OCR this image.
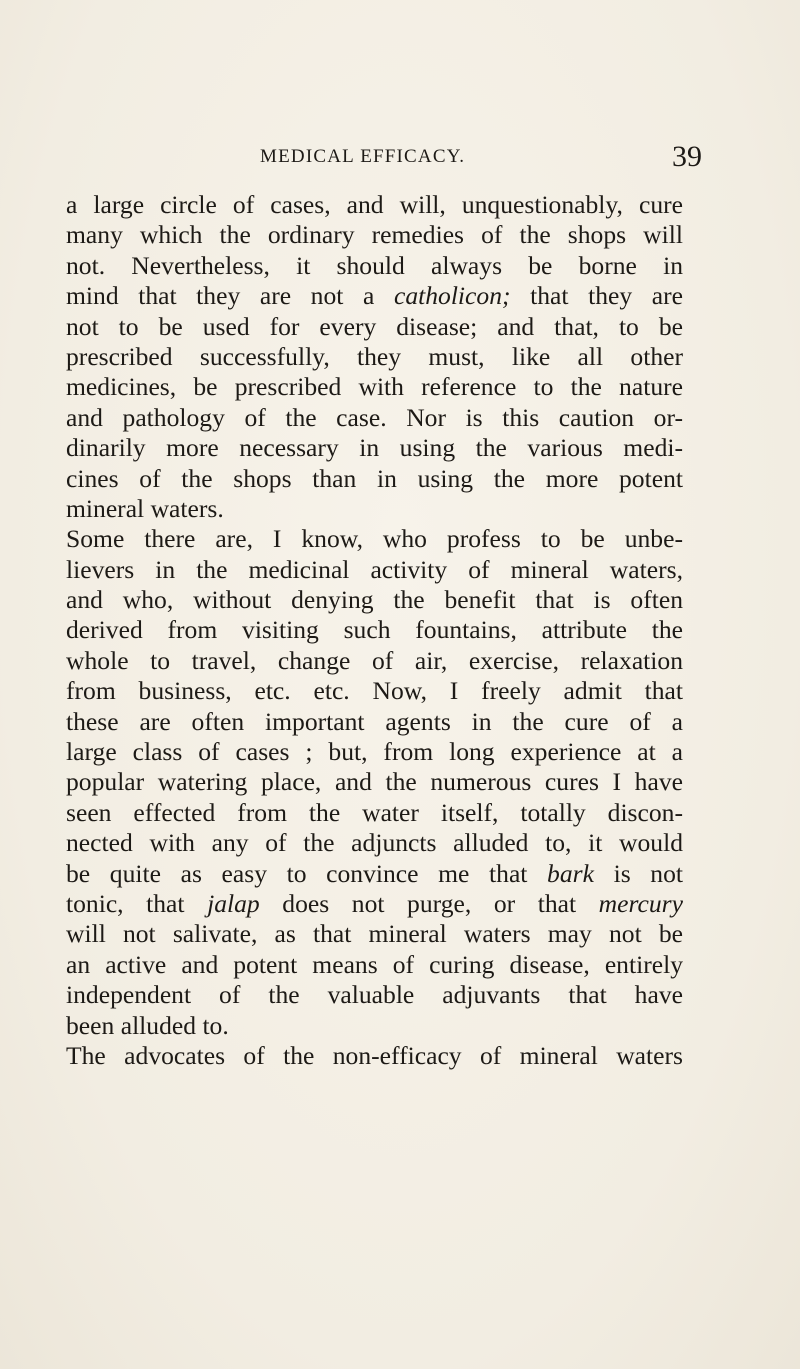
MEDICAL EFFICACY.	39
a large circle of cases, and will, unquestionably, cure
many which the ordinary remedies of the shops will
not. Nevertheless, it should always be borne in
mind that they are not a catholicon; that they are
not to be used for every disease; and that, to be
prescribed successfully, they must, like all other
medicines, be prescribed with reference to the nature
and pathology of the case. Nor is this caution or-
dinarily more necessary in using the various medi-
cines of the shops than in using the more potent
mineral waters.
Some there are, I know, who profess to be unbe-
lievers in the medicinal activity of mineral waters,
and who, without denying the benefit that is often
derived from visiting such fountains, attribute the
whole to travel, change of air, exercise, relaxation
from business, etc. etc. Now, I freely admit that
these are often important agents in the cure of a
large class of cases ; but, from long experience at a
popular watering place, and the numerous cures I have
seen effected from the water itself, totally discon-
nected with any of the adjuncts alluded to, it would
be quite as easy to convince me that bark is not
tonic, that jalap does not purge, or that mercury
will not salivate, as that mineral waters may not be
an active and potent means of curing disease, entirely
independent of the valuable adjuvants that have
been alluded to.
The advocates of the non-efficacy of mineral waters
